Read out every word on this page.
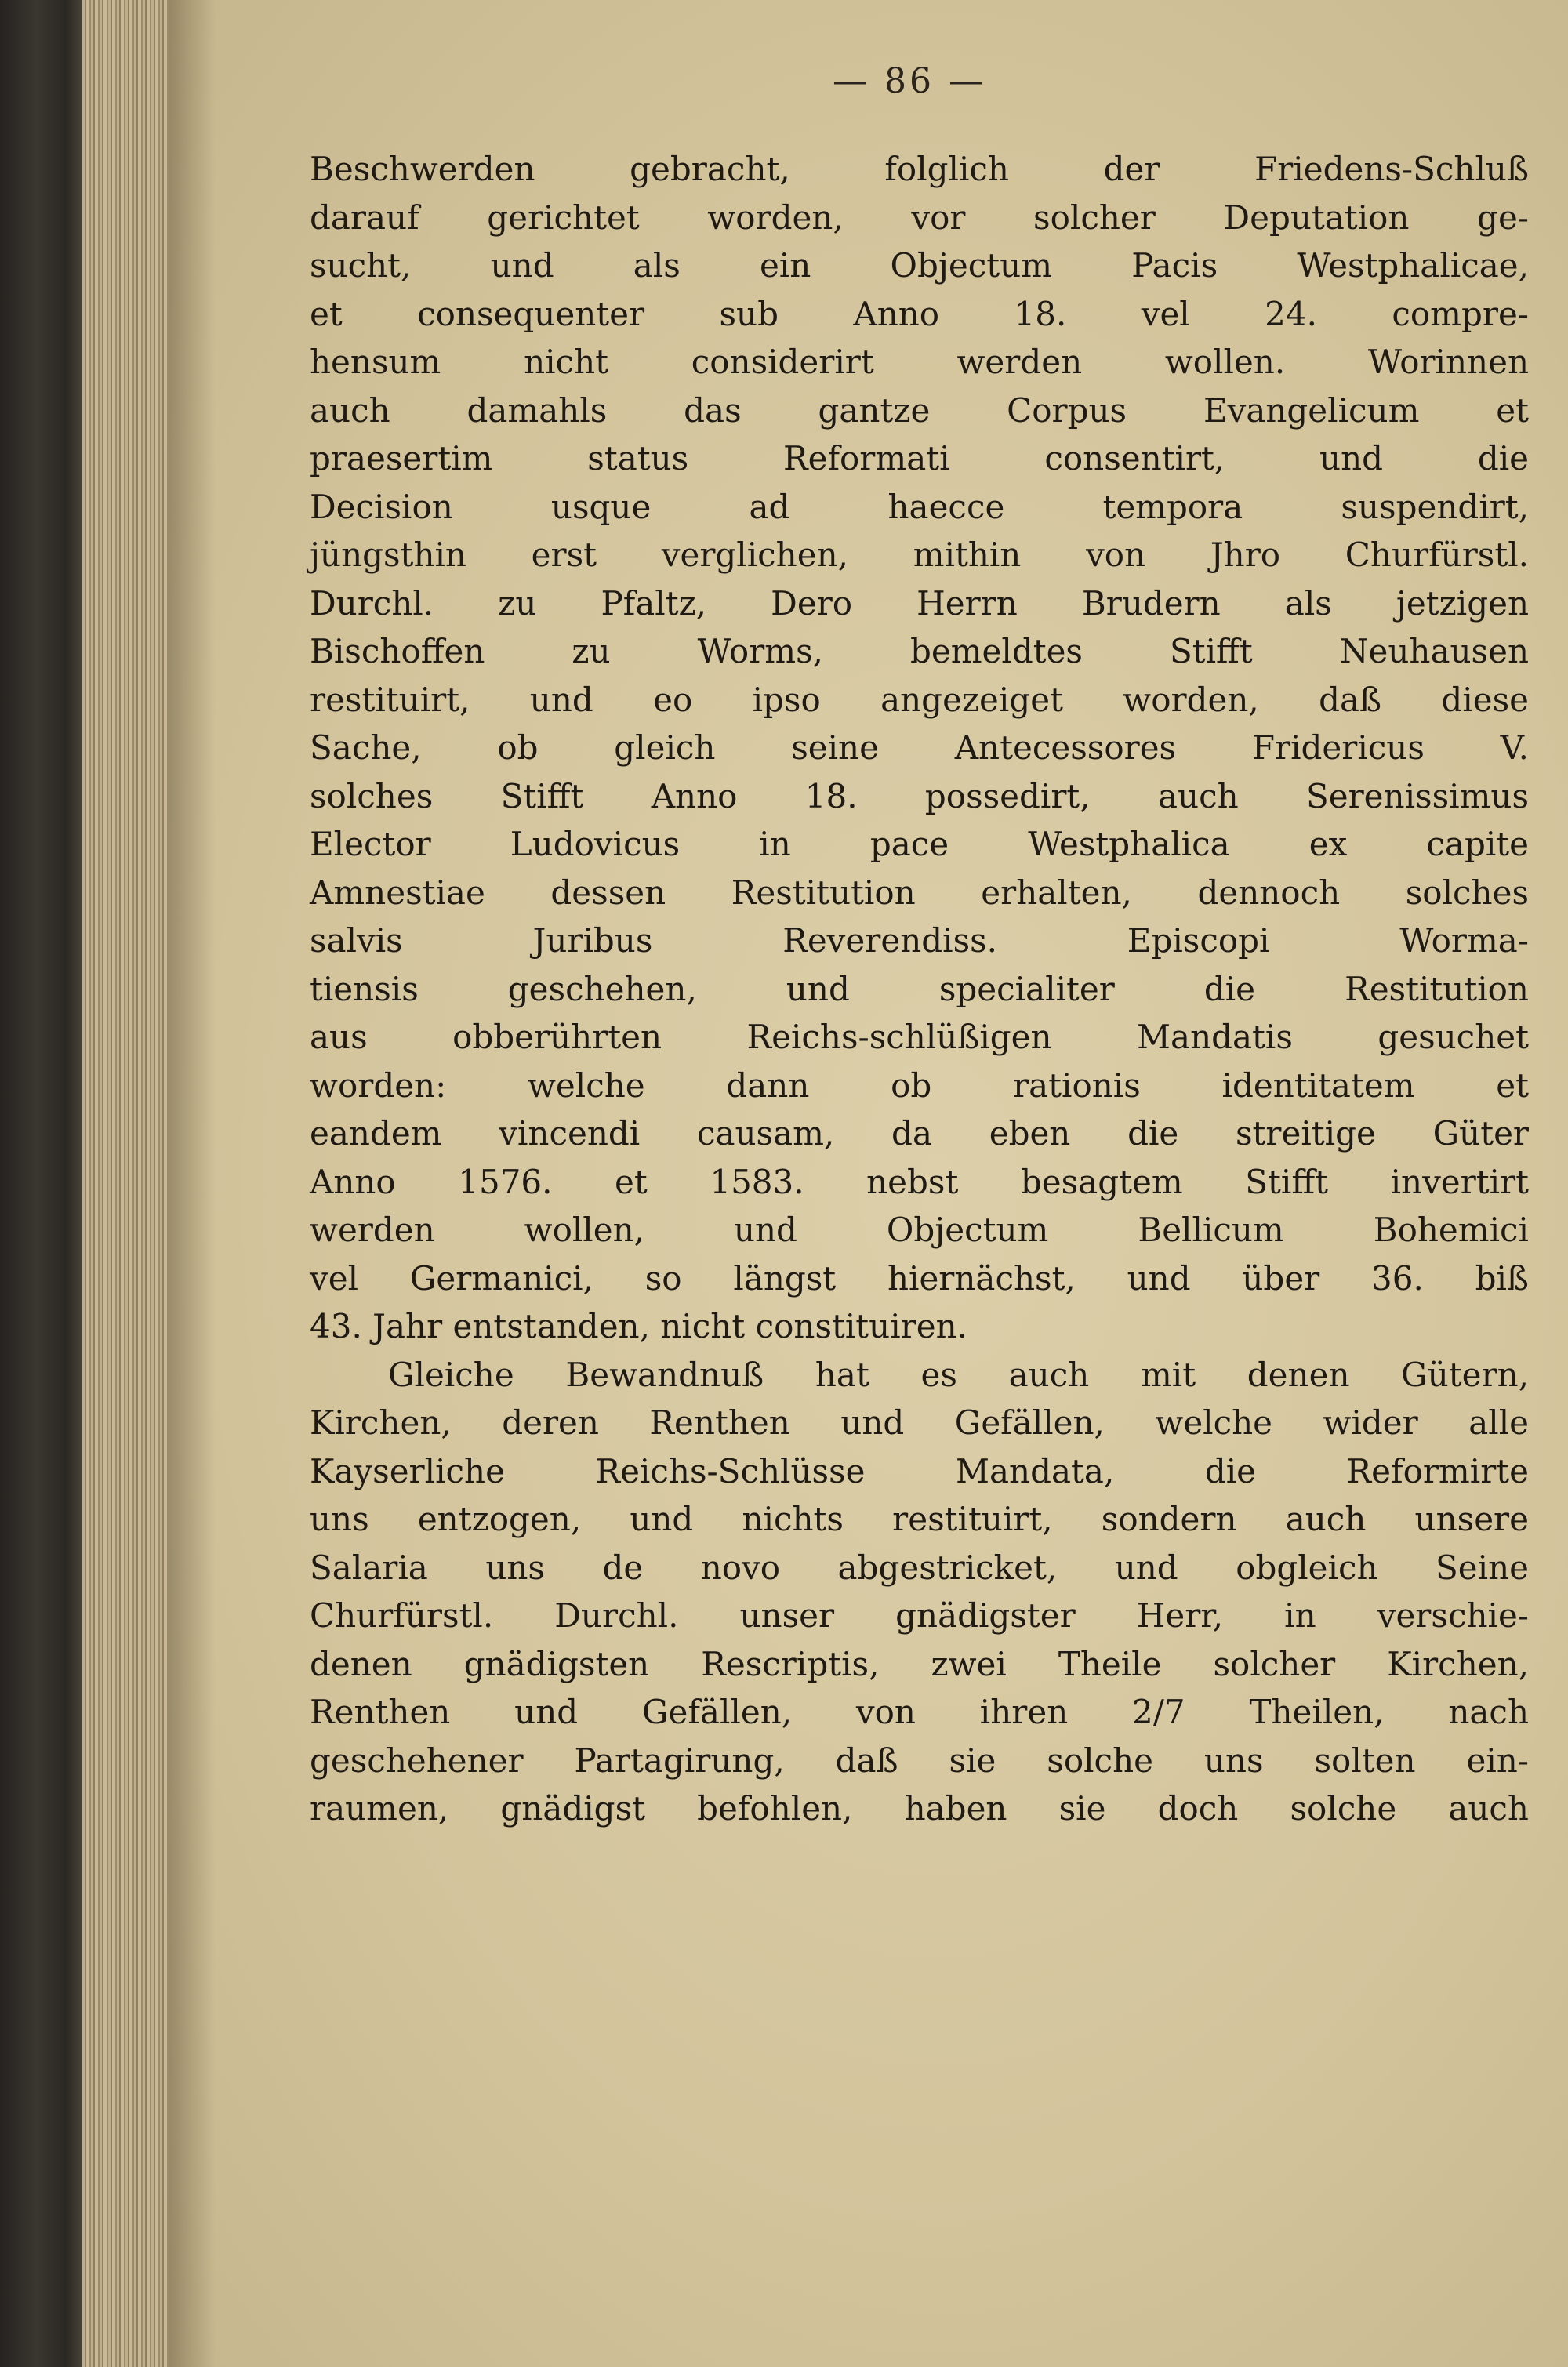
— 86 —
Beschwerden gebracht, folglich der Friedens-Schluß
darauf gerichtet worden, vor solcher Deputation ge-
sucht, und als ein Objectum Pacis Westphalicae,
et consequenter sub Anno 18. vel 24. compre-
hensum nicht considerirt werden wollen. Worinnen
auch damahls das gantze Corpus Evangelicum et
praesertim status Reformati consentirt, und die
Decision usque ad haecce tempora suspendirt,
jüngsthin erst verglichen, mithin von Jhro Churfürstl.
Durchl. zu Pfaltz, Dero Herrn Brudern als jetzigen
Bischoffen zu Worms, bemeldtes Stifft Neuhausen
restituirt, und eo ipso angezeiget worden, daß diese
Sache, ob gleich seine Antecessores Fridericus V.
solches Stifft Anno 18. possedirt, auch Serenissimus
Elector Ludovicus in pace Westphalica ex capite
Amnestiae dessen Restitution erhalten, dennoch solches
salvis Juribus Reverendiss. Episcopi Worma-
tiensis geschehen, und specialiter die Restitution
aus obberührten Reichs-schlüßigen Mandatis gesuchet
worden: welche dann ob rationis identitatem et
eandem vincendi causam, da eben die streitige Güter
Anno 1576. et 1583. nebst besagtem Stifft invertirt
werden wollen, und Objectum Bellicum Bohemici
vel Germanici, so längst hiernächst, und über 36. biß
43. Jahr entstanden, nicht constituiren.
Gleiche Bewandnuß hat es auch mit denen Gütern,
Kirchen, deren Renthen und Gefällen, welche wider alle
Kayserliche Reichs-Schlüsse Mandata, die Reformirte
uns entzogen, und nichts restituirt, sondern auch unsere
Salaria uns de novo abgestricket, und obgleich Seine
Churfürstl. Durchl. unser gnädigster Herr, in verschie-
denen gnädigsten Rescriptis, zwei Theile solcher Kirchen,
Renthen und Gefällen, von ihren 2/7 Theilen, nach
geschehener Partagirung, daß sie solche uns solten ein-
raumen, gnädigst befohlen, haben sie doch solche auch
